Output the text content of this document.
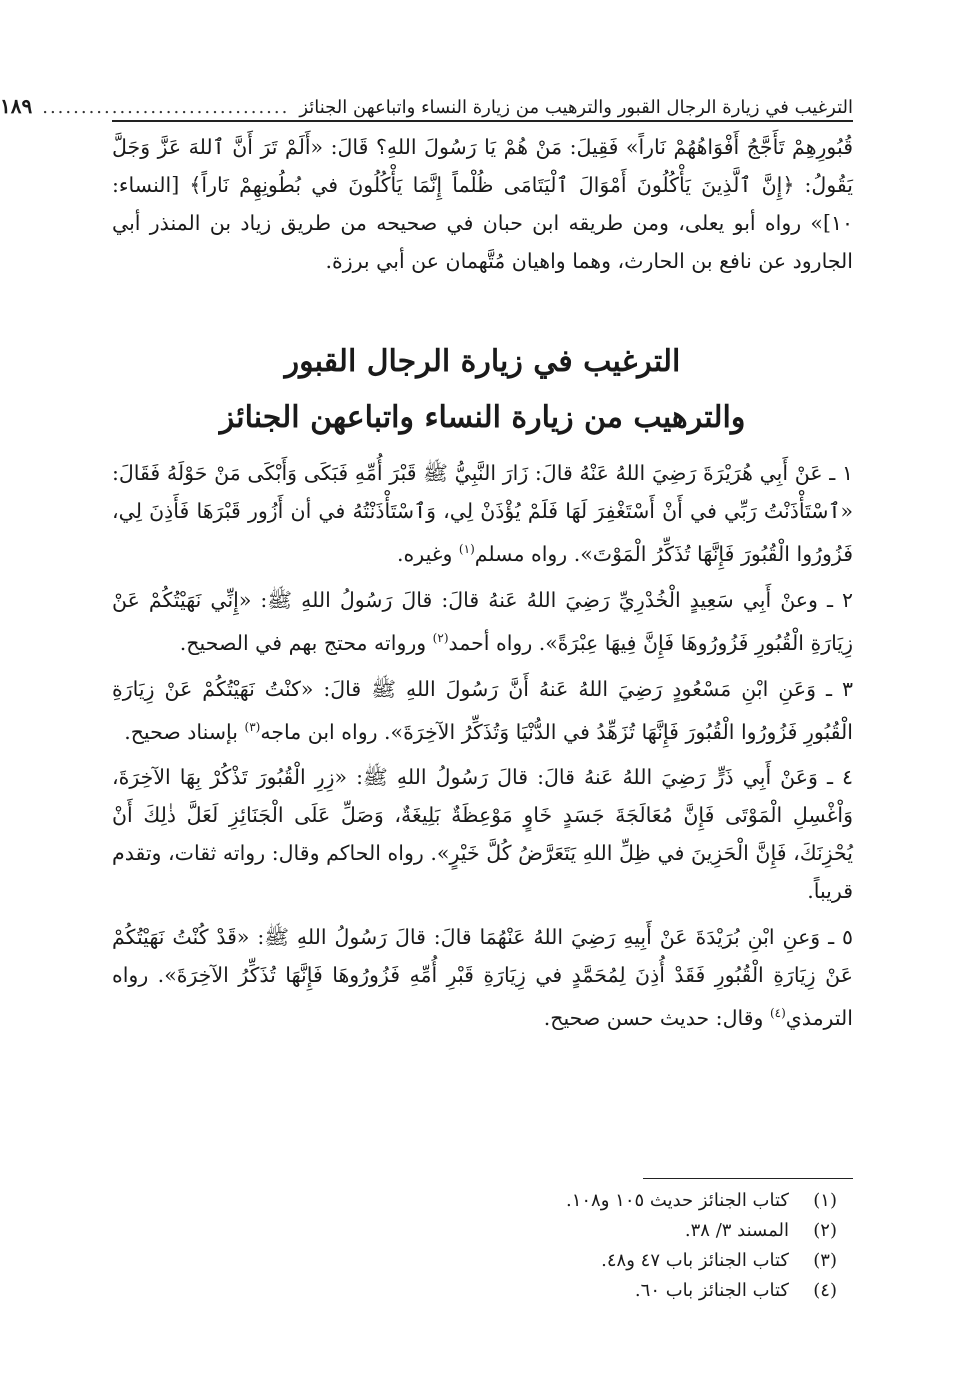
الترغيب في زيارة الرجال القبور والترهيب من زيارة النساء واتباعهن الجنائز
................................
١٨٩

قُبُورِهِمْ تَأَجَّجُ أَفْوَاهُهُمْ نَاراً» فَقِيلَ: مَنْ هُمْ يَا رَسُولَ اللهِ؟ قَالَ: «أَلَمْ تَرَ أَنَّ ٱللهَ عَزَّ وَجَلَّ يَقُولُ: ﴿إِنَّ ٱلَّذِينَ يَأْكُلُونَ أَمْوَالَ ٱلْيَتَامَى ظُلْماً إِنَّمَا يَأْكُلُونَ في بُطُونِهِمْ نَاراً﴾ [النساء: ١٠]» رواه أبو يعلى، ومن طريقه ابن حبان في صحيحه من طريق زياد بن المنذر أبي الجارود عن نافع بن الحارث، وهما واهيان مُتَّهمان عن أبي برزة.

الترغيب في زيارة الرجال القبور
والترهيب من زيارة النساء واتباعهن الجنائز

١ ـ عَنْ أَبِي هُرَيْرَةَ رَضِيَ اللهُ عَنْهُ قالَ: زَارَ النَّبِيُّ ﷺ قَبْرَ أُمِّهِ فَبَكَى وَأَبْكَى مَنْ حَوْلَهُ فَقَالَ: «ٱسْتَأْذَنْتُ رَبِّي في أَنْ أَسْتَغْفِرَ لَهَا فَلَمْ يُؤْذَنْ لِي، وَٱسْتَأْذَنْتُهُ في أن أَزُور قَبْرَهَا فَأَذِنَ لِي، فَزُورُوا الْقُبُورَ فَإِنَّهَا تُذَكِّرُ الْمَوْتَ». رواه مسلم$^{(١)}$ وغيره.

٢ ـ وعنْ أَبِي سَعِيدٍ الْخُدْرِيِّ رَضِيَ اللهُ عَنهُ قالَ: قالَ رَسُولُ اللهِ ﷺ: «إِنِّي نَهَيْتُكُمْ عَنْ زِيَارَةِ الْقُبُورِ فَزُورُوهَا فَإِنَّ فِيهَا عِبْرَةً». رواه أحمد$^{(٢)}$ ورواته محتج بهم في الصحيح.

٣ ـ وَعَنِ ابْنِ مَسْعُودٍ رَضِيَ اللهُ عَنهُ أَنَّ رَسُولَ اللهِ ﷺ قالَ: «كنْتُ نَهَيْتُكُمْ عَنْ زِيَارَةِ الْقُبُورِ فَزُورُوا الْقُبُورَ فَإِنَّهَا تُزَهِّدُ في الدُّنْيَا وَتُذَكِّرُ الآخِرَةَ». رواه ابن ماجه$^{(٣)}$ بإسناد صحيح.

٤ ـ وَعَنْ أَبِي ذَرٍّ رَضِيَ اللهُ عَنهُ قالَ: قالَ رَسُولُ اللهِ ﷺ: «زِرِ الْقُبُورَ تَذْكُرْ بِهَا الآخِرَةَ، وَاْغْسِلِ الْمَوْتَى فَإِنَّ مُعَالَجَةَ جَسَدٍ خَاوٍ مَوْعِظَةٌ بَلِيغَةٌ، وَصَلِّ عَلَى الْجَنَائِزِ لَعَلَّ ذٰلِكَ أَنْ يُحْزِنَكَ، فَإِنَّ الْحَزِينَ في ظِلِّ اللهِ يَتَعَرَّضُ كُلَّ خَيْرٍ». رواه الحاكم وقال: رواته ثقات، وتقدم قريباً.

٥ ـ وَعنِ ابْنِ بُرَيْدَةَ عَنْ أَبِيهِ رَضِيَ اللهُ عَنْهُمَا قالَ: قالَ رَسُولُ اللهِ ﷺ: «قَدْ كُنْتُ نَهَيْتُكُمْ عَنْ زِيَارَةِ الْقُبُورِ فَقَدْ أُذِنَ لِمُحَمَّدٍ في زِيَارَةِ قَبْرِ أُمِّهِ فَزُورُوهَا فَإِنَّهَا تُذَكِّرُ الآخِرَةَ». رواه الترمذي$^{(٤)}$ وقال: حديث حسن صحيح.

(١)
كتاب الجنائز حديث ١٠٥ و١٠٨.
(٢)
المسند ٣/ ٣٨.
(٣)
كتاب الجنائز باب ٤٧ و٤٨.
(٤)
كتاب الجنائز باب ٦٠.
